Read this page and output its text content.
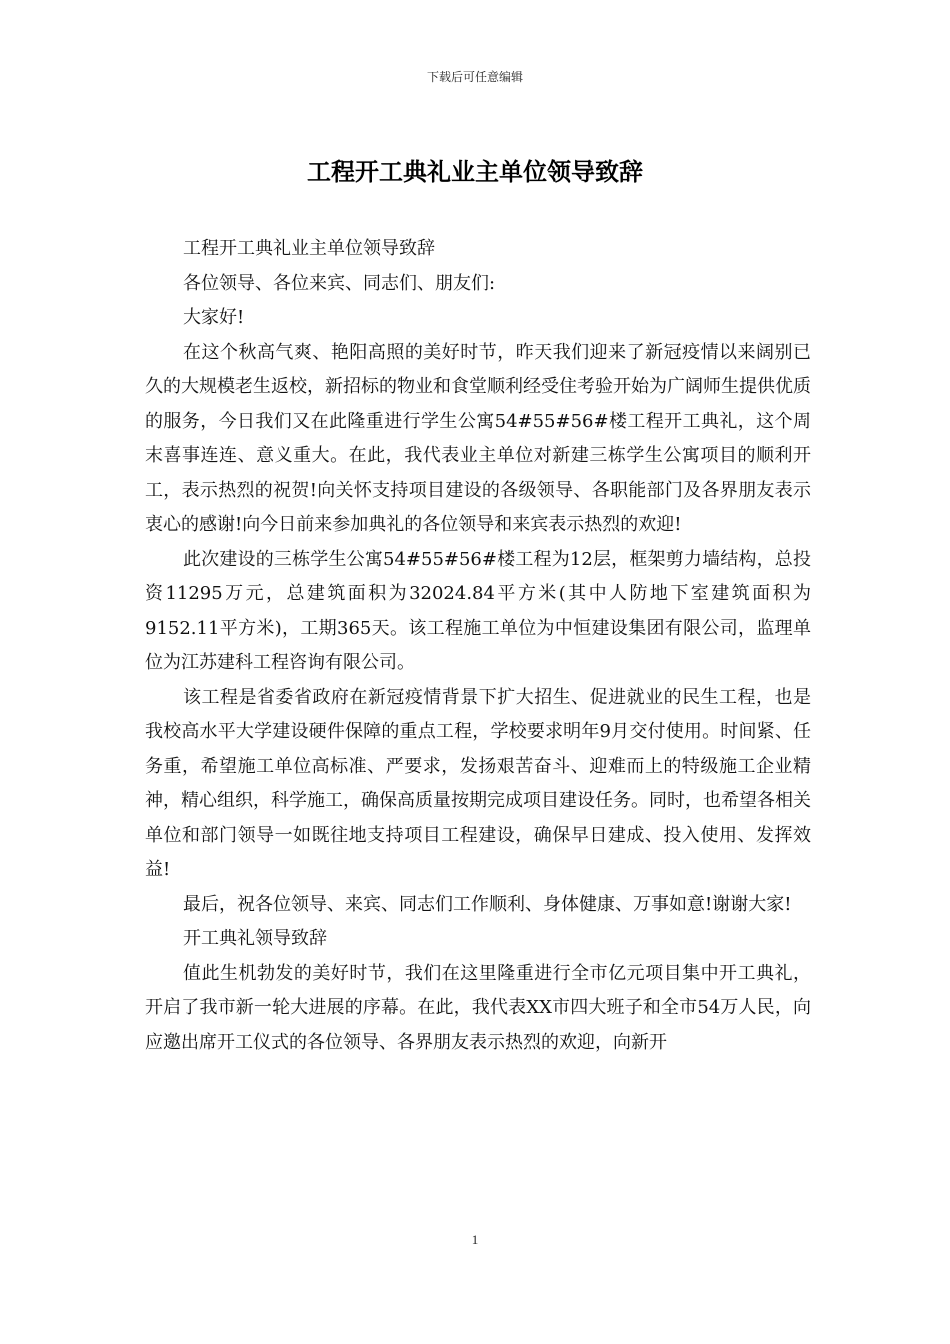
下载后可任意编辑
工程开工典礼业主单位领导致辞

工程开工典礼业主单位领导致辞

各位领导、各位来宾、同志们、朋友们:

大家好!

在这个秋高气爽、艳阳高照的美好时节，昨天我们迎来了新冠疫情以来阔别已久的大规模老生返校，新招标的物业和食堂顺利经受住考验开始为广阔师生提供优质的服务，今日我们又在此隆重进行学生公寓54#55#56#楼工程开工典礼，这个周末喜事连连、意义重大。在此，我代表业主单位对新建三栋学生公寓项目的顺利开工，表示热烈的祝贺!向关怀支持项目建设的各级领导、各职能部门及各界朋友表示衷心的感谢!向今日前来参加典礼的各位领导和来宾表示热烈的欢迎!

此次建设的三栋学生公寓54#55#56#楼工程为12层，框架剪力墙结构，总投资11295万元，总建筑面积为32024.84平方米(其中人防地下室建筑面积为9152.11平方米)，工期365天。该工程施工单位为中恒建设集团有限公司，监理单位为江苏建科工程咨询有限公司。

该工程是省委省政府在新冠疫情背景下扩大招生、促进就业的民生工程，也是我校高水平大学建设硬件保障的重点工程，学校要求明年9月交付使用。时间紧、任务重，希望施工单位高标准、严要求，发扬艰苦奋斗、迎难而上的特级施工企业精神，精心组织，科学施工，确保高质量按期完成项目建设任务。同时，也希望各相关单位和部门领导一如既往地支持项目工程建设，确保早日建成、投入使用、发挥效益!

最后，祝各位领导、来宾、同志们工作顺利、身体健康、万事如意!谢谢大家!

开工典礼领导致辞

值此生机勃发的美好时节，我们在这里隆重进行全市亿元项目集中开工典礼，开启了我市新一轮大进展的序幕。在此，我代表XX市四大班子和全市54万人民，向应邀出席开工仪式的各位领导、各界朋友表示热烈的欢迎，向新开

1
